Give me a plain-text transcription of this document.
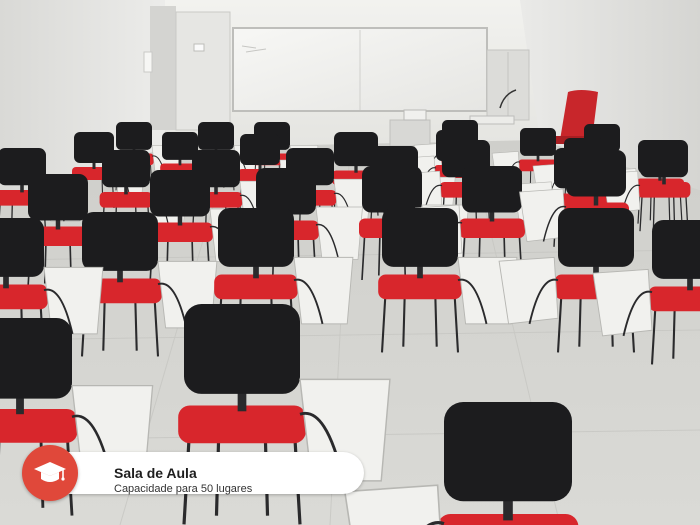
Sala de Aula
Capacidade para 50 lugares
